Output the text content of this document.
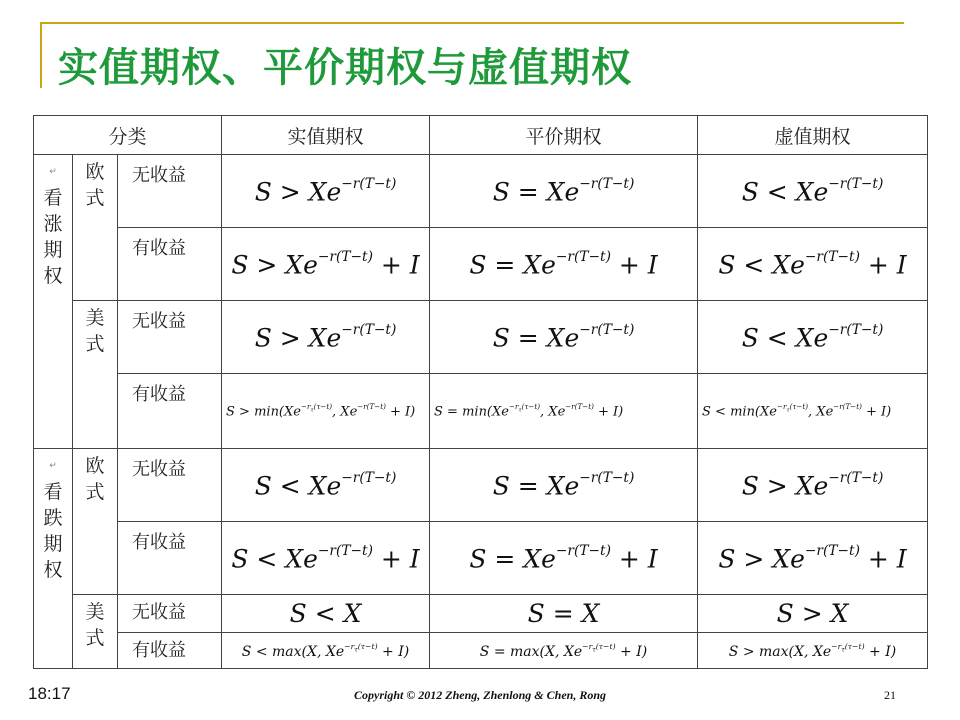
实值期权、平价期权与虚值期权
分类			实值期权	平价期权	虚值期权

↵
看
涨
期
权	欧
式	无收益	$S > Xe^{-r(T-t)}$	$S = Xe^{-r(T-t)}$	$S < Xe^{-r(T-t)}$
		有收益	$S > Xe^{-r(T-t)} + I$	$S = Xe^{-r(T-t)} + I$	$S < Xe^{-r(T-t)} + I$

	美
式	无收益	$S > Xe^{-r(T-t)}$	$S = Xe^{-r(T-t)}$	$S < Xe^{-r(T-t)}$
		有收益	$S > \min(Xe^{-r_\tau(\tau-t)}$, $Xe^{-r(T-t)} + I$)	$S = \min(Xe^{-r_\tau(\tau-t)}$, $Xe^{-r(T-t)} + I$)	$S < \min(Xe^{-r_\tau(\tau-t)}$, $Xe^{-r(T-t)} + I$)

↵
看
跌
期
权	欧
式	无收益	$S < Xe^{-r(T-t)}$	$S = Xe^{-r(T-t)}$	$S > Xe^{-r(T-t)}$
		有收益	$S < Xe^{-r(T-t)} + I$	$S = Xe^{-r(T-t)} + I$	$S > Xe^{-r(T-t)} + I$

	美
式	无收益	S < X	S = X	S > X
		有收益	S < max(X, $Xe^{-r_\tau(\tau-t)} + I$)	S = max(X, $Xe^{-r_\tau(\tau-t)} + I$)	S > max(X, $Xe^{-r_\tau(\tau-t)} + I$)
18:17	Copyright © 2012 Zheng, Zhenlong & Chen, Rong	21
